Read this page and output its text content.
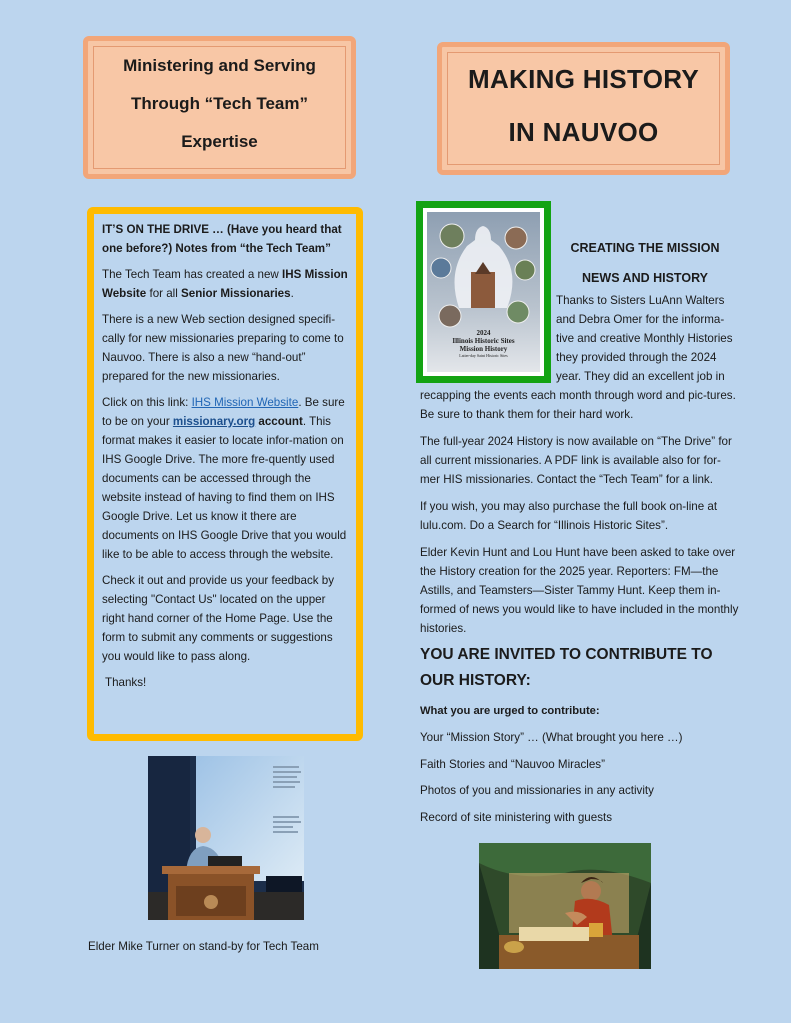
Ministering and Serving
Through “Tech Team”
Expertise
MAKING HISTORY
IN NAUVOO

IT’S ON THE DRIVE … (Have you heard that one before?) Notes from “the Tech Team”

The Tech Team has created a new IHS Mission Website for all Senior Missionaries.

There is a new Web section designed specifi-cally for new missionaries preparing to come to Nauvoo. There is also a new “hand-out” prepared for the new missionaries.

Click on this link: IHS Mission Website. Be sure to be on your missionary.org account. This format makes it easier to locate infor-mation on IHS Google Drive. The more fre-quently used documents can be accessed through the website instead of having to find them on IHS Google Drive. Let us know it there are documents on IHS Google Drive that you would like to be able to access through the website.

Check it out and provide us your feedback by selecting "Contact Us" located on the upper right hand corner of the Home Page. Use the form to submit any comments or suggestions you would like to pass along.

Thanks!

Elder Mike Turner on stand-by for Tech Team
2024
Illinois Historic Sites
Mission History
Latter-day Saint Historic Sites
CREATING THE MISSION
NEWS AND HISTORY
Thanks to Sisters LuAnn Walters and Debra Omer for the informa-tive and creative Monthly Histories they provided through the 2024 year. They did an excellent job in

recapping the events each month through word and pic-tures. Be sure to thank them for their hard work.

The full-year 2024 History is now available on “The Drive” for all current missionaries. A PDF link is available also for for-mer HIS missionaries. Contact the “Tech Team” for a link.

If you wish, you may also purchase the full book on-line at lulu.com. Do a Search for “Illinois Historic Sites”.

Elder Kevin Hunt and Lou Hunt have been asked to take over the History creation for the 2025 year. Reporters: FM—the Astills, and Teamsters—Sister Tammy Hunt. Keep them in-formed of news you would like to have included in the monthly histories.

YOU ARE INVITED TO CONTRIBUTE TO
OUR HISTORY:
What you are urged to contribute:
Your “Mission Story” … (What brought you here …)
Faith Stories and “Nauvoo Miracles”
Photos of you and missionaries in any activity
Record of site ministering with guests
